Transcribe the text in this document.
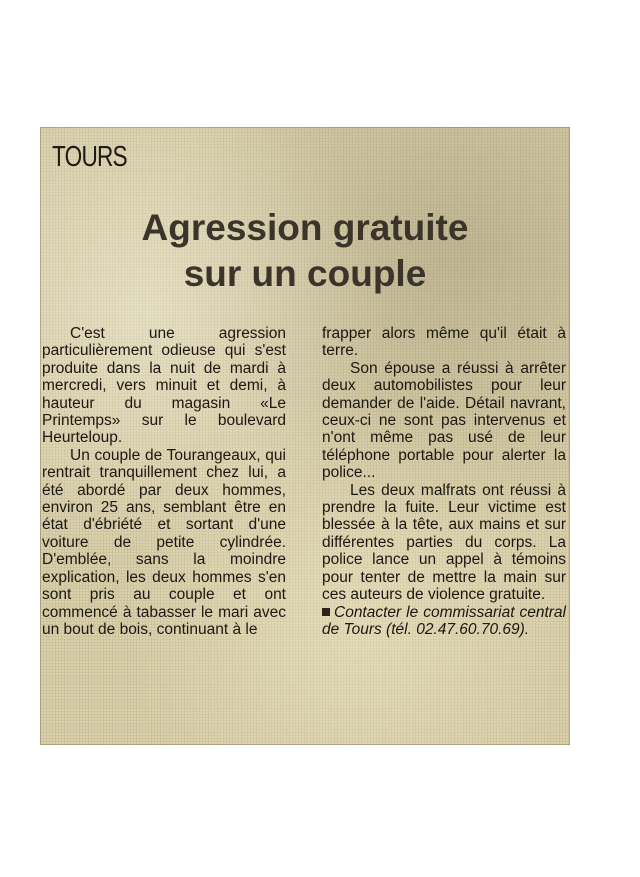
TOURS
Agression gratuite
sur un couple

C'est une agression particulièrement odieuse qui s'est produite dans la nuit de mardi à mercredi, vers minuit et demi, à hauteur du magasin «Le Printemps» sur le boulevard Heurteloup.

Un couple de Tourangeaux, qui rentrait tranquillement chez lui, a été abordé par deux hommes, environ 25 ans, semblant être en état d'ébriété et sortant d'une voiture de petite cylindrée. D'emblée, sans la moindre explication, les deux hommes s'en sont pris au couple et ont commencé à tabasser le mari avec un bout de bois, continuant à le

frapper alors même qu'il était à terre.

Son épouse a réussi à arrêter deux automobilistes pour leur demander de l'aide. Détail navrant, ceux-ci ne sont pas intervenus et n'ont même pas usé de leur téléphone portable pour alerter la police...

Les deux malfrats ont réussi à prendre la fuite. Leur victime est blessée à la tête, aux mains et sur différentes parties du corps. La police lance un appel à témoins pour tenter de mettre la main sur ces auteurs de violence gratuite.

Contacter le commissariat central de Tours (tél. 02.47.60.70.69).
